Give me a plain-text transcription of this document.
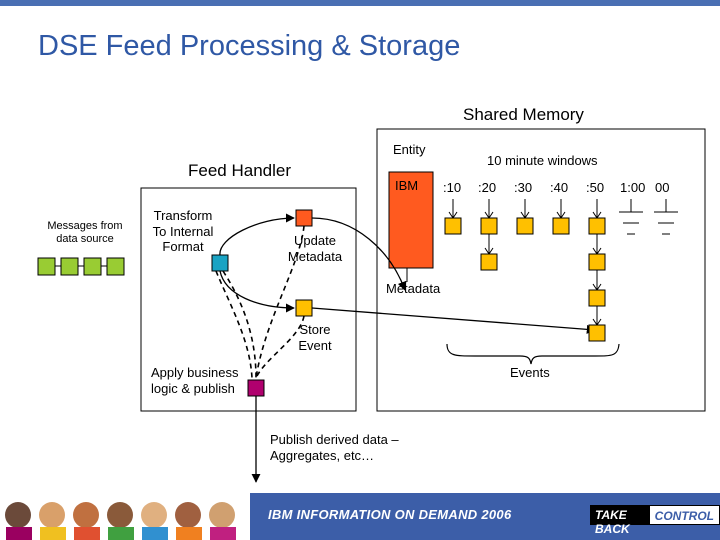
DSE Feed Processing & Storage
Shared Memory
Entity
10 minute windows
IBM :10 :20 :30 :40 :50 1:00 00
Feed Handler
Messages from data source
Transform To Internal Format	Update Metadata
Metadata
Store Event
Apply business logic & publish
Events
Publish derived data – Aggregates, etc…
IBM INFORMATION ON DEMAND 2006	TAKE BACK
CONTROL
